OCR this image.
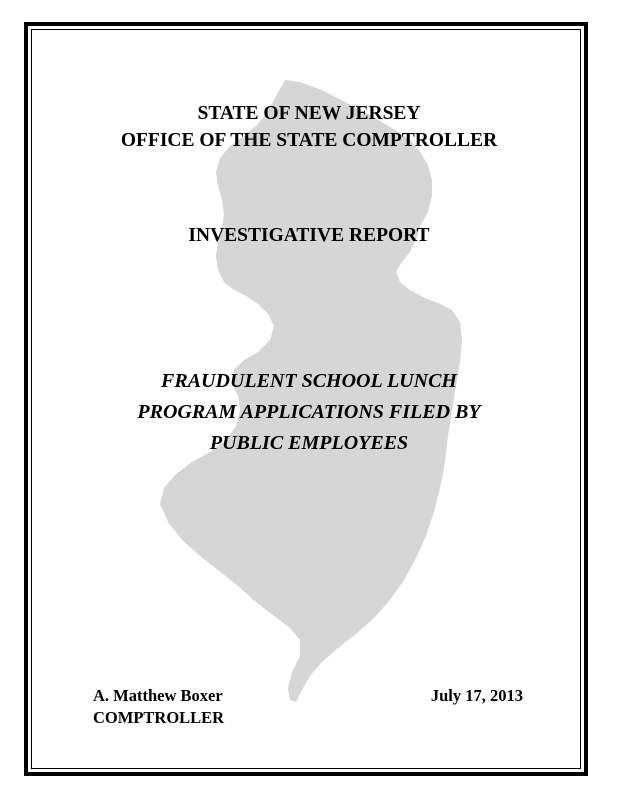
STATE OF NEW JERSEY
OFFICE OF THE STATE COMPTROLLER
INVESTIGATIVE REPORT
FRAUDULENT SCHOOL LUNCH
PROGRAM APPLICATIONS FILED BY
PUBLIC EMPLOYEES
A. Matthew Boxer
COMPTROLLER
July 17, 2013
